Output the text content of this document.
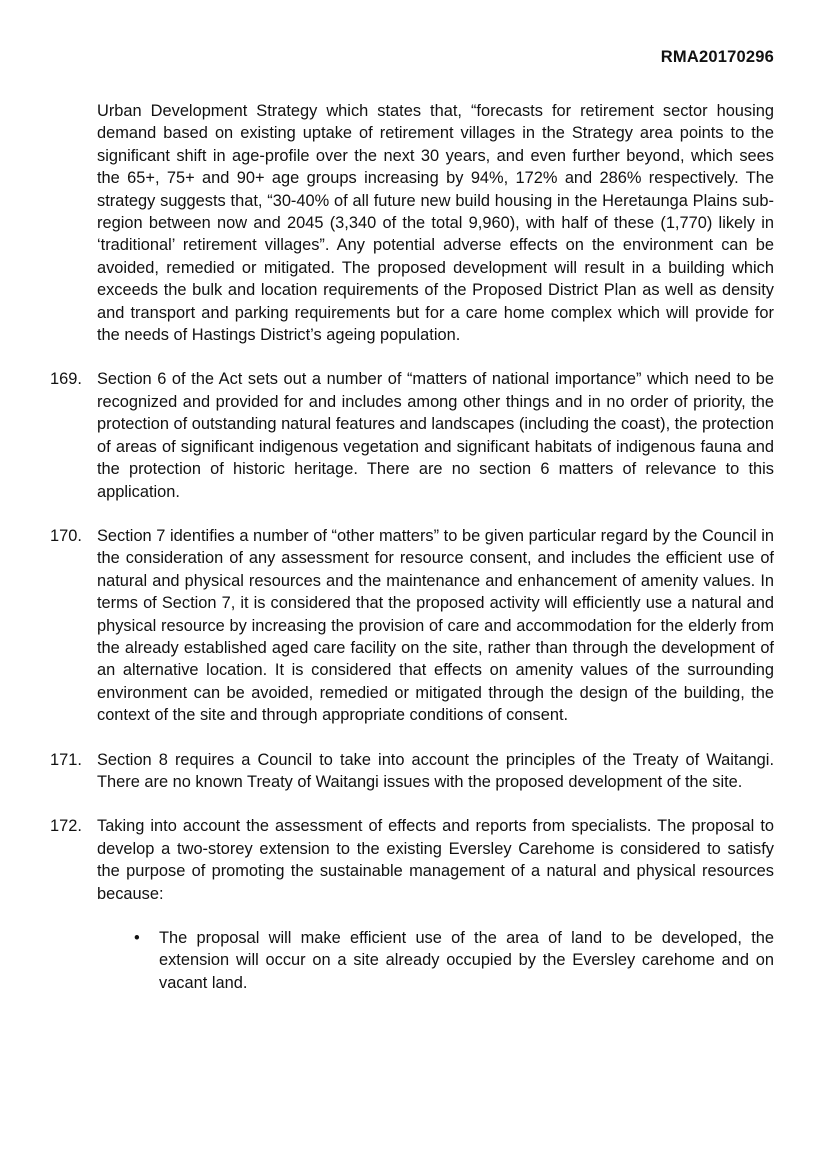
RMA20170296

Urban Development Strategy which states that, “forecasts for retirement sector housing demand based on existing uptake of retirement villages in the Strategy area points to the significant shift in age-profile over the next 30 years, and even further beyond, which sees the 65+, 75+ and 90+ age groups increasing by 94%, 172% and 286% respectively. The strategy suggests that, “30-40% of all future new build housing in the Heretaunga Plains sub-region between now and 2045 (3,340 of the total 9,960), with half of these (1,770) likely in ‘traditional’ retirement villages”. Any potential adverse effects on the environment can be avoided, remedied or mitigated. The proposed development will result in a building which exceeds the bulk and location requirements of the Proposed District Plan as well as density and transport and parking requirements but for a care home complex which will provide for the needs of Hastings District’s ageing population.

169. Section 6 of the Act sets out a number of “matters of national importance” which need to be recognized and provided for and includes among other things and in no order of priority, the protection of outstanding natural features and landscapes (including the coast), the protection of areas of significant indigenous vegetation and significant habitats of indigenous fauna and the protection of historic heritage. There are no section 6 matters of relevance to this application.

170. Section 7 identifies a number of “other matters” to be given particular regard by the Council in the consideration of any assessment for resource consent, and includes the efficient use of natural and physical resources and the maintenance and enhancement of amenity values. In terms of Section 7, it is considered that the proposed activity will efficiently use a natural and physical resource by increasing the provision of care and accommodation for the elderly from the already established aged care facility on the site, rather than through the development of an alternative location. It is considered that effects on amenity values of the surrounding environment can be avoided, remedied or mitigated through the design of the building, the context of the site and through appropriate conditions of consent.

171. Section 8 requires a Council to take into account the principles of the Treaty of Waitangi. There are no known Treaty of Waitangi issues with the proposed development of the site.

172. Taking into account the assessment of effects and reports from specialists. The proposal to develop a two-storey extension to the existing Eversley Carehome is considered to satisfy the purpose of promoting the sustainable management of a natural and physical resources because:

• The proposal will make efficient use of the area of land to be developed, the extension will occur on a site already occupied by the Eversley carehome and on vacant land.
